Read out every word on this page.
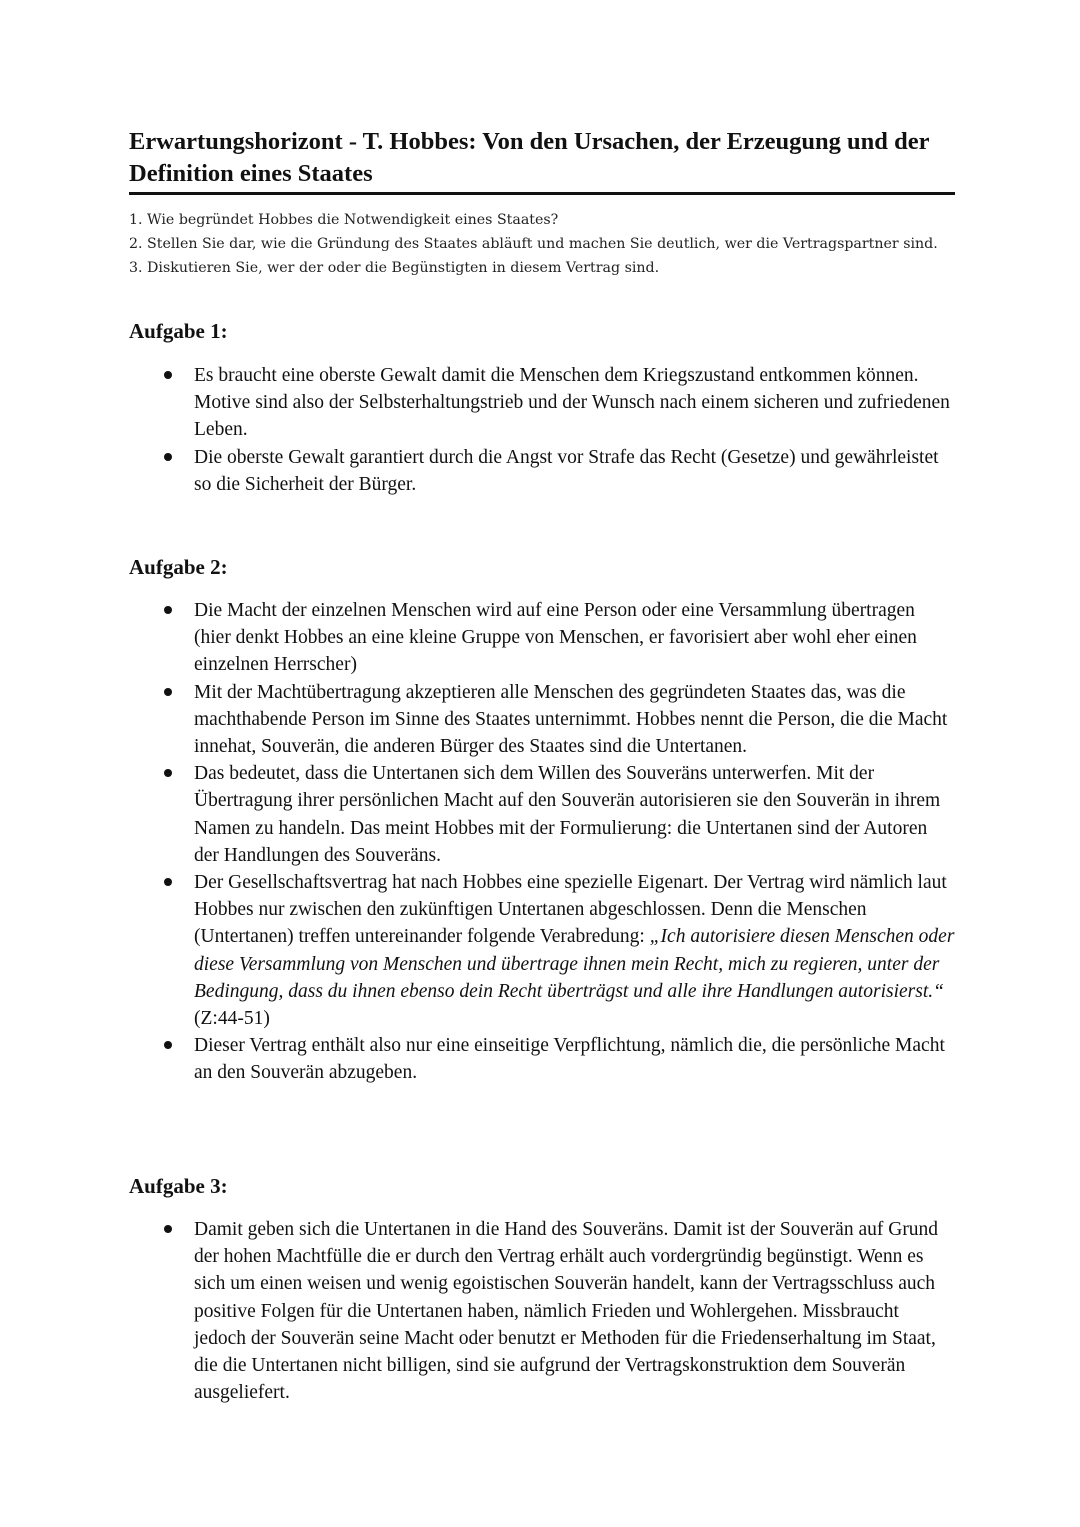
Erwartungshorizont - T. Hobbes: Von den Ursachen, der Erzeugung und der Definition eines Staates
1. Wie begründet Hobbes die Notwendigkeit eines Staates?
2. Stellen Sie dar, wie die Gründung des Staates abläuft und machen Sie deutlich, wer die Vertragspartner sind.
3. Diskutieren Sie, wer der oder die Begünstigten in diesem Vertrag sind.
Aufgabe 1:
Es braucht eine oberste Gewalt damit die Menschen dem Kriegszustand entkommen können. Motive sind also der Selbsterhaltungstrieb und der Wunsch nach einem sicheren und zufriedenen Leben.
Die oberste Gewalt garantiert durch die Angst vor Strafe das Recht (Gesetze) und gewährleistet so die Sicherheit der Bürger.
Aufgabe 2:
Die Macht der einzelnen Menschen wird auf eine Person oder eine Versammlung übertragen (hier denkt Hobbes an eine kleine Gruppe von Menschen, er favorisiert aber wohl eher einen einzelnen Herrscher)
Mit der Machtübertragung akzeptieren alle Menschen des gegründeten Staates das, was die machthabende Person im Sinne des Staates unternimmt. Hobbes nennt die Person, die die Macht innehat, Souverän, die anderen Bürger des Staates sind die Untertanen.
Das bedeutet, dass die Untertanen sich dem Willen des Souveräns unterwerfen. Mit der Übertragung ihrer persönlichen Macht auf den Souverän autorisieren sie den Souverän in ihrem Namen zu handeln. Das meint Hobbes mit der Formulierung: die Untertanen sind der Autoren der Handlungen des Souveräns.
Der Gesellschaftsvertrag hat nach Hobbes eine spezielle Eigenart. Der Vertrag wird nämlich laut Hobbes nur zwischen den zukünftigen Untertanen abgeschlossen. Denn die Menschen (Untertanen) treffen untereinander folgende Verabredung: „Ich autorisiere diesen Menschen oder diese Versammlung von Menschen und übertrage ihnen mein Recht, mich zu regieren, unter der Bedingung, dass du ihnen ebenso dein Recht überträgst und alle ihre Handlungen autorisierst.“ (Z:44-51)
Dieser Vertrag enthält also nur eine einseitige Verpflichtung, nämlich die, die persönliche Macht an den Souverän abzugeben.
Aufgabe 3:
Damit geben sich die Untertanen in die Hand des Souveräns. Damit ist der Souverän auf Grund der hohen Machtfülle die er durch den Vertrag erhält auch vordergründig begünstigt. Wenn es sich um einen weisen und wenig egoistischen Souverän handelt, kann der Vertragsschluss auch positive Folgen für die Untertanen haben, nämlich Frieden und Wohlergehen. Missbraucht jedoch der Souverän seine Macht oder benutzt er Methoden für die Friedenserhaltung im Staat, die die Untertanen nicht billigen, sind sie aufgrund der Vertragskonstruktion dem Souverän ausgeliefert.
